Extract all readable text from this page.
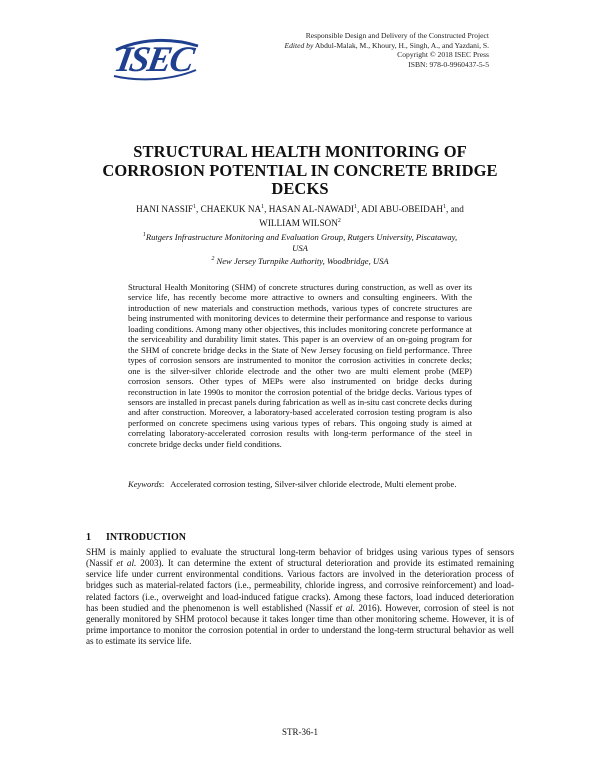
ISEC
Responsible Design and Delivery of the Constructed Project
Edited by Abdul-Malak, M., Khoury, H., Singh, A., and Yazdani, S.
Copyright © 2018 ISEC Press
ISBN: 978-0-9960437-5-5
STRUCTURAL HEALTH MONITORING OF
CORROSION POTENTIAL IN CONCRETE BRIDGE
DECKS
HANI NASSIF$^1$, CHAEKUK $NA^1$, HASAN AL-NAWADI$^1$, ADI ABU-OBEIDAH$^1$, and
WILLIAM WILSON$^2$
$^1$Rutgers Infrastructure Monitoring and Evaluation Group, Rutgers University, Piscataway,
USA
$^2$ New Jersey Turnpike Authority, Woodbridge, USA
Structural Health Monitoring (SHM) of concrete structures during construction, as well as over its service life, has recently become more attractive to owners and consulting engineers. With the introduction of new materials and construction methods, various types of concrete structures are being instrumented with monitoring devices to determine their performance and response to various loading conditions. Among many other objectives, this includes monitoring concrete performance at the serviceability and durability limit states. This paper is an overview of an on-going program for the SHM of concrete bridge decks in the State of New Jersey focusing on field performance. Three types of corrosion sensors are instrumented to monitor the corrosion activities in concrete decks; one is the silver-silver chloride electrode and the other two are multi element probe (MEP) corrosion sensors. Other types of MEPs were also instrumented on bridge decks during reconstruction in late 1990s to monitor the corrosion potential of the bridge decks. Various types of sensors are installed in precast panels during fabrication as well as in-situ cast concrete decks during and after construction. Moreover, a laboratory-based accelerated corrosion testing program is also performed on concrete specimens using various types of rebars. This ongoing study is aimed at correlating laboratory-accelerated corrosion results with long-term performance of the steel in concrete bridge decks under field conditions.
Keywords:   Accelerated corrosion testing, Silver-silver chloride electrode, Multi element probe.
1 INTRODUCTION
SHM is mainly applied to evaluate the structural long-term behavior of bridges using various types of sensors (Nassif et al. 2003). It can determine the extent of structural deterioration and provide its estimated remaining service life under current environmental conditions. Various factors are involved in the deterioration process of bridges such as material-related factors (i.e., permeability, chloride ingress, and corrosive reinforcement) and load-related factors (i.e., overweight and load-induced fatigue cracks). Among these factors, load induced deterioration has been studied and the phenomenon is well established (Nassif et al. 2016). However, corrosion of steel is not generally monitored by SHM protocol because it takes longer time than other monitoring scheme. However, it is of prime importance to monitor the corrosion potential in order to understand the long-term structural behavior as well as to estimate its service life.
STR-36-1
